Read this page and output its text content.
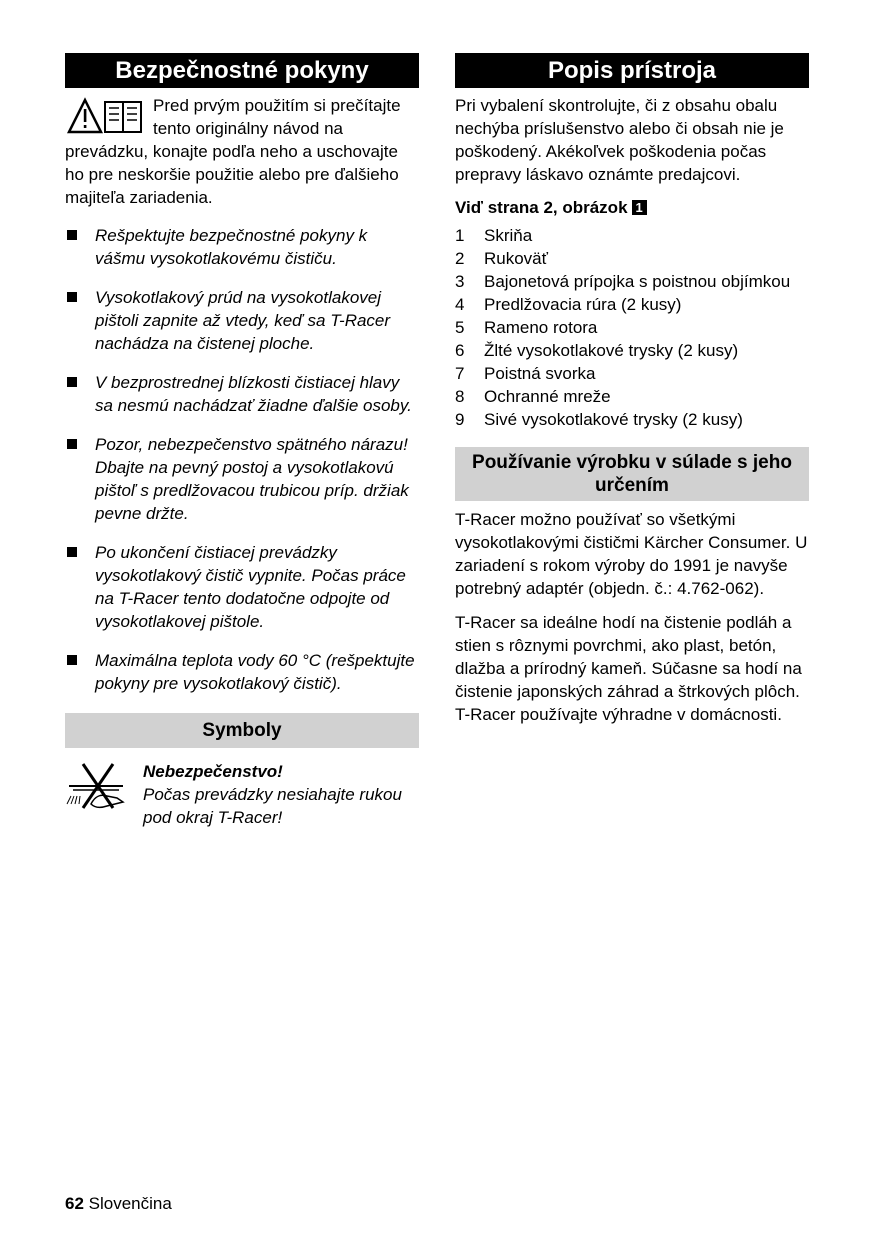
Bezpečnostné pokyny

Pred prvým použitím si prečítajte tento originálny návod na prevádzku, konajte podľa neho a uschovajte ho pre neskoršie použitie alebo pre ďalšieho majiteľa zariadenia.

Rešpektujte bezpečnostné pokyny k vášmu vysokotlakovému čističu.
Vysokotlakový prúd na vysokotlakovej pištoli zapnite až vtedy, keď sa T-Racer nachádza na čistenej ploche.
V bezprostrednej blízkosti čistiacej hlavy sa nesmú nachádzať žiadne ďalšie osoby.
Pozor, nebezpečenstvo spätného nárazu! Dbajte na pevný postoj a vysokotlakovú pištoľ s predlžovacou trubicou príp. držiak pevne držte.
Po ukončení čistiacej prevádzky vysokotlakový čistič vypnite. Počas práce na T-Racer tento dodatočne odpojte od vysokotlakovej pištole.
Maximálna teplota vody 60 °C (rešpektujte pokyny pre vysokotlakový čistič).
Symboly
Nebezpečenstvo!
Počas prevádzky nesiahajte rukou pod okraj T-Racer!
Popis prístroja

Pri vybalení skontrolujte, či z obsahu obalu nechýba príslušenstvo alebo či obsah nie je poškodený. Akékoľvek poškodenia počas prepravy láskavo oznámte predajcovi.

Viď strana 2, obrázok 1
1	Skriňa
2	Rukoväť
3	Bajonetová prípojka s poistnou objímkou
4	Predlžovacia rúra (2 kusy)
5	Rameno rotora
6	Žlté vysokotlakové trysky (2 kusy)
7	Poistná svorka
8	Ochranné mreže
9	Sivé vysokotlakové trysky (2 kusy)
Používanie výrobku v súlade s jeho určením

T-Racer možno používať so všetkými vysokotlakovými čističmi Kärcher Consumer. U zariadení s rokom výroby do 1991 je navyše potrebný adaptér (objedn. č.: 4.762-062).

T-Racer sa ideálne hodí na čistenie podláh a stien s rôznymi povrchmi, ako plast, betón, dlažba a prírodný kameň. Súčasne sa hodí na čistenie japonských záhrad a štrkových plôch. T-Racer používajte výhradne v domácnosti.

62 Slovenčina
